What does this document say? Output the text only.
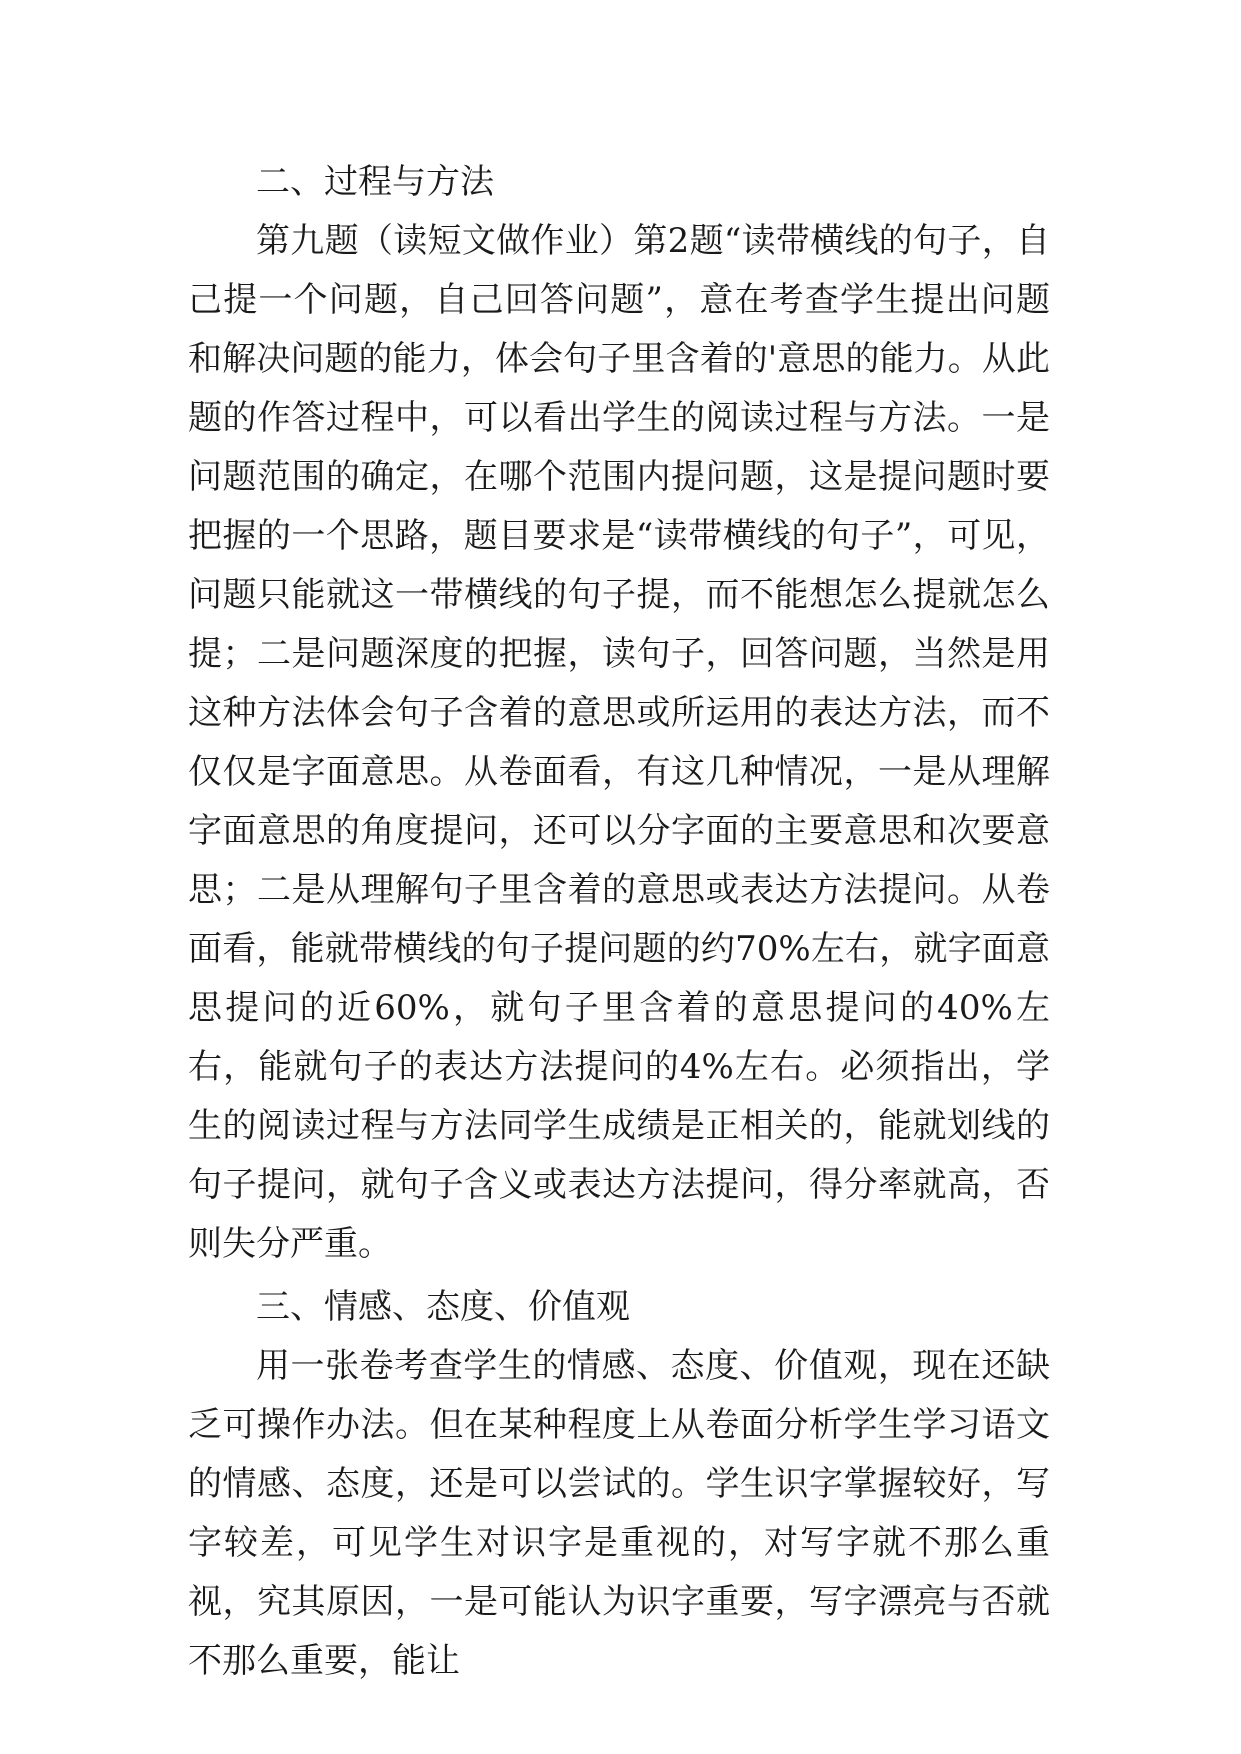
二、过程与方法

第九题（读短文做作业）第2题“读带横线的句子，自己提一个问题，自己回答问题”，意在考查学生提出问题和解决问题的能力，体会句子里含着的'意思的能力。从此题的作答过程中，可以看出学生的阅读过程与方法。一是问题范围的确定，在哪个范围内提问题，这是提问题时要把握的一个思路，题目要求是“读带横线的句子”，可见，问题只能就这一带横线的句子提，而不能想怎么提就怎么提；二是问题深度的把握，读句子，回答问题，当然是用这种方法体会句子含着的意思或所运用的表达方法，而不仅仅是字面意思。从卷面看，有这几种情况，一是从理解字面意思的角度提问，还可以分字面的主要意思和次要意思；二是从理解句子里含着的意思或表达方法提问。从卷面看，能就带横线的句子提问题的约70%左右，就字面意思提问的近60%，就句子里含着的意思提问的40%左右，能就句子的表达方法提问的4%左右。必须指出，学生的阅读过程与方法同学生成绩是正相关的，能就划线的句子提问，就句子含义或表达方法提问，得分率就高，否则失分严重。

三、情感、态度、价值观

用一张卷考查学生的情感、态度、价值观，现在还缺乏可操作办法。但在某种程度上从卷面分析学生学习语文的情感、态度，还是可以尝试的。学生识字掌握较好，写字较差，可见学生对识字是重视的，对写字就不那么重视，究其原因，一是可能认为识字重要，写字漂亮与否就不那么重要，能让
